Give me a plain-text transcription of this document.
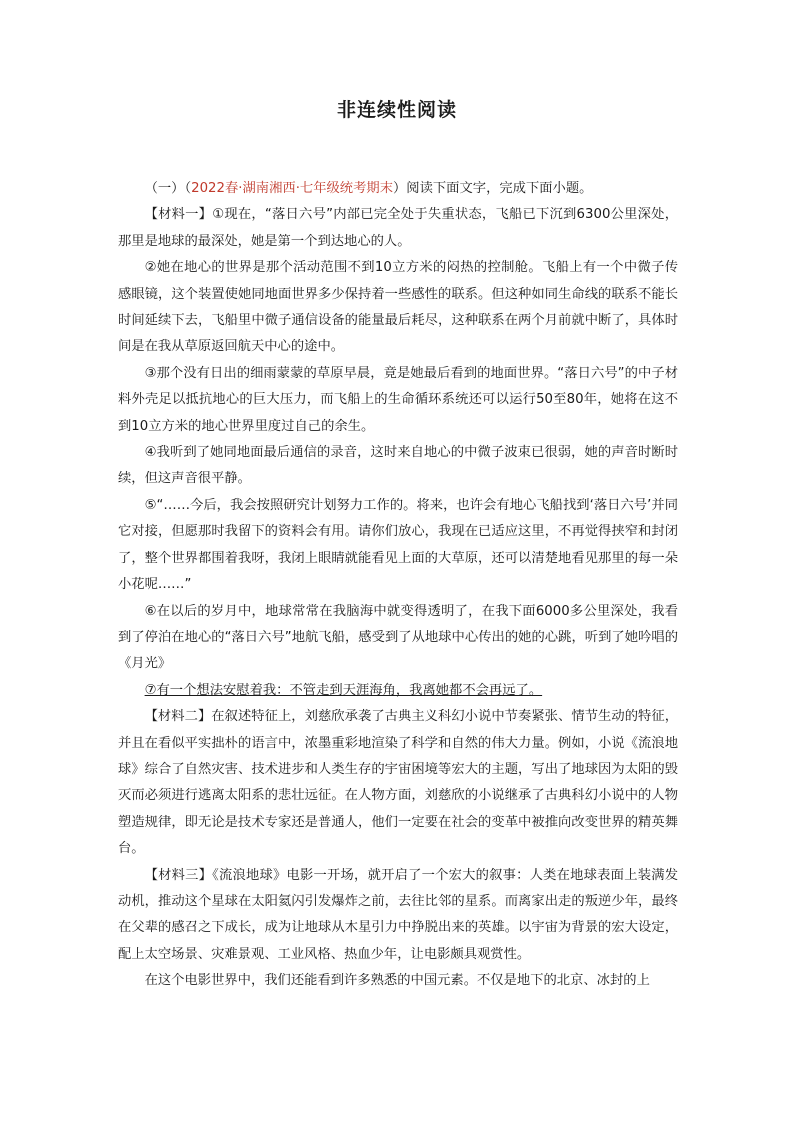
非连续性阅读

（一）（2022春·湖南湘西·七年级统考期末）阅读下面文字，完成下面小题。

【材料一】①现在，“落日六号”内部已完全处于失重状态，飞船已下沉到6300公里深处，那里是地球的最深处，她是第一个到达地心的人。

②她在地心的世界是那个活动范围不到10立方米的闷热的控制舱。飞船上有一个中微子传感眼镜，这个装置使她同地面世界多少保持着一些感性的联系。但这种如同生命线的联系不能长时间延续下去，飞船里中微子通信设备的能量最后耗尽，这种联系在两个月前就中断了，具体时间是在我从草原返回航天中心的途中。

③那个没有日出的细雨蒙蒙的草原早晨，竟是她最后看到的地面世界。“落日六号”的中子材料外壳足以抵抗地心的巨大压力，而飞船上的生命循环系统还可以运行50至80年，她将在这不到10立方米的地心世界里度过自己的余生。

④我听到了她同地面最后通信的录音，这时来自地心的中微子波束已很弱，她的声音时断时续，但这声音很平静。

⑤“……今后，我会按照研究计划努力工作的。将来，也许会有地心飞船找到‘落日六号’并同它对接，但愿那时我留下的资料会有用。请你们放心，我现在已适应这里，不再觉得挟窄和封闭了，整个世界都围着我呀，我闭上眼睛就能看见上面的大草原，还可以清楚地看见那里的每一朵小花呢……”

⑥在以后的岁月中，地球常常在我脑海中就变得透明了，在我下面6000多公里深处，我看到了停泊在地心的“落日六号”地航飞船，感受到了从地球中心传出的她的心跳，听到了她吟唱的《月光》

⑦有一个想法安慰着我：不管走到天涯海角，我离她都不会再远了。

【材料二】在叙述特征上，刘慈欣承袭了古典主义科幻小说中节奏紧张、情节生动的特征，并且在看似平实拙朴的语言中，浓墨重彩地渲染了科学和自然的伟大力量。例如，小说《流浪地球》综合了自然灾害、技术进步和人类生存的宇宙困境等宏大的主题，写出了地球因为太阳的毁灭而必须进行逃离太阳系的悲壮远征。在人物方面，刘慈欣的小说继承了古典科幻小说中的人物塑造规律，即无论是技术专家还是普通人，他们一定要在社会的变革中被推向改变世界的精英舞台。

【材料三】《流浪地球》电影一开场，就开启了一个宏大的叙事：人类在地球表面上装满发动机，推动这个星球在太阳氦闪引发爆炸之前，去往比邻的星系。而离家出走的叛逆少年，最终在父辈的感召之下成长，成为让地球从木星引力中挣脱出来的英雄。以宇宙为背景的宏大设定，配上太空场景、灾难景观、工业风格、热血少年，让电影颇具观赏性。

在这个电影世界中，我们还能看到许多熟悉的中国元素。不仅是地下的北京、冰封的上
